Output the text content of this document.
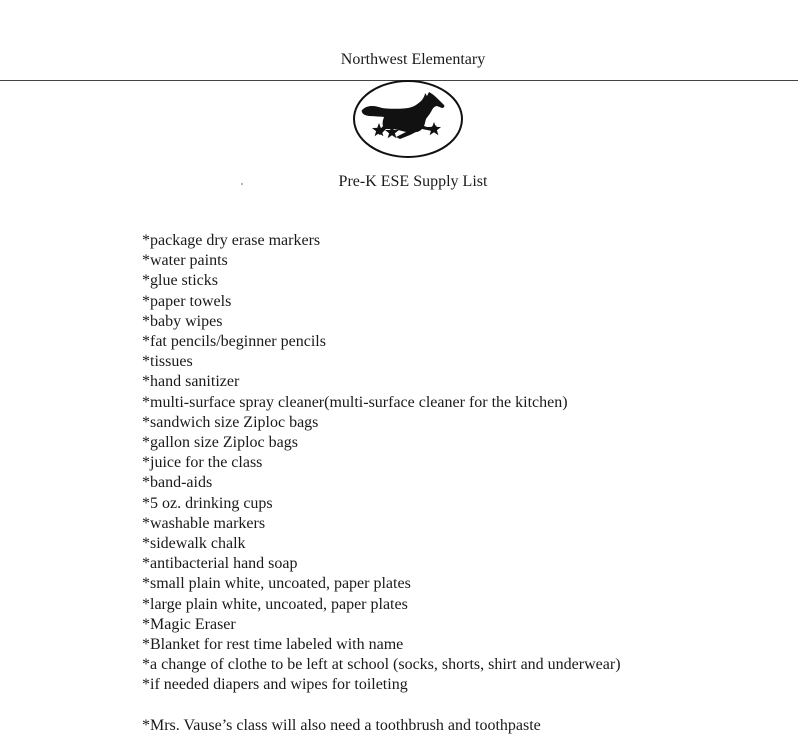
Northwest Elementary
Pre-K ESE Supply List
*package dry erase markers
*water paints
*glue sticks
*paper towels
*baby wipes
*fat pencils/beginner pencils
*tissues
*hand sanitizer
*multi-surface spray cleaner(multi-surface cleaner for the kitchen)
*sandwich size Ziploc bags
*gallon size Ziploc bags
*juice for the class
*band-aids
*5 oz. drinking cups
*washable markers
*sidewalk chalk
*antibacterial hand soap
*small plain white, uncoated, paper plates
*large plain white, uncoated, paper plates
*Magic Eraser
*Blanket for rest time labeled with name
*a change of clothe to be left at school (socks, shorts, shirt and underwear)
*if needed diapers and wipes for toileting
*Mrs. Vause’s class will also need a toothbrush and toothpaste
